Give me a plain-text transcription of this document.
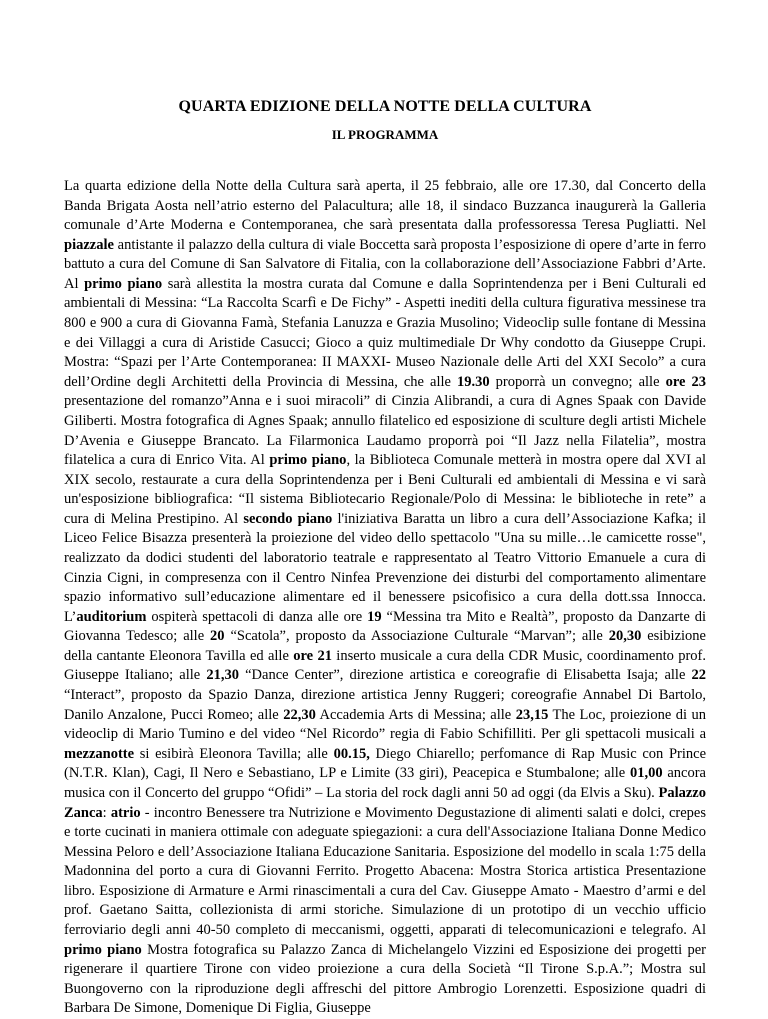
QUARTA EDIZIONE DELLA NOTTE DELLA CULTURA
IL PROGRAMMA

La quarta edizione della Notte della Cultura sarà aperta, il 25 febbraio, alle ore 17.30, dal Concerto della Banda Brigata Aosta nell’atrio esterno del Palacultura; alle 18, il sindaco Buzzanca inaugurerà la Galleria comunale d’Arte Moderna e Contemporanea, che sarà presentata dalla professoressa Teresa Pugliatti. Nel piazzale antistante il palazzo della cultura di viale Boccetta sarà proposta l’esposizione di opere d’arte in ferro battuto a cura del Comune di San Salvatore di Fitalia, con la collaborazione dell’Associazione Fabbri d’Arte. Al primo piano sarà allestita la mostra curata dal Comune e dalla Soprintendenza per i Beni Culturali ed ambientali di Messina: “La Raccolta Scarfì e De Fichy” - Aspetti inediti della cultura figurativa messinese tra 800 e 900 a cura di Giovanna Famà, Stefania Lanuzza e Grazia Musolino; Videoclip sulle fontane di Messina e dei Villaggi a cura di Aristide Casucci; Gioco a quiz multimediale Dr Why condotto da Giuseppe Crupi. Mostra: “Spazi per l’Arte Contemporanea: II MAXXI- Museo Nazionale delle Arti del XXI Secolo” a cura dell’Ordine degli Architetti della Provincia di Messina, che alle 19.30 proporrà un convegno; alle ore 23 presentazione del romanzo”Anna e i suoi miracoli” di Cinzia Alibrandi, a cura di Agnes Spaak con Davide Giliberti. Mostra fotografica di Agnes Spaak; annullo filatelico ed esposizione di sculture degli artisti Michele D’Avenia e Giuseppe Brancato. La Filarmonica Laudamo proporrà poi “Il Jazz nella Filatelia”, mostra filatelica a cura di Enrico Vita. Al primo piano, la Biblioteca Comunale metterà in mostra opere dal XVI al XIX secolo, restaurate a cura della Soprintendenza per i Beni Culturali ed ambientali di Messina e vi sarà un'esposizione bibliografica: “Il sistema Bibliotecario Regionale/Polo di Messina: le biblioteche in rete” a cura di Melina Prestipino. Al secondo piano l'iniziativa Baratta un libro a cura dell’Associazione Kafka; il Liceo Felice Bisazza presenterà la proiezione del video dello spettacolo "Una su mille…le camicette rosse", realizzato da dodici studenti del laboratorio teatrale e rappresentato al Teatro Vittorio Emanuele a cura di Cinzia Cigni, in compresenza con il Centro Ninfea Prevenzione dei disturbi del comportamento alimentare spazio informativo sull’educazione alimentare ed il benessere psicofisico a cura della dott.ssa Innocca. L’auditorium ospiterà spettacoli di danza alle ore 19 “Messina tra Mito e Realtà”, proposto da Danzarte di Giovanna Tedesco; alle 20 “Scatola”, proposto da Associazione Culturale “Marvan”; alle 20,30 esibizione della cantante Eleonora Tavilla ed alle ore 21 inserto musicale a cura della CDR Music, coordinamento prof. Giuseppe Italiano; alle 21,30 “Dance Center”, direzione artistica e coreografie di Elisabetta Isaja; alle 22 “Interact”, proposto da Spazio Danza, direzione artistica Jenny Ruggeri; coreografie Annabel Di Bartolo, Danilo Anzalone, Pucci Romeo; alle 22,30 Accademia Arts di Messina; alle 23,15 The Loc, proiezione di un videoclip di Mario Tumino e del video “Nel Ricordo” regia di Fabio Schifilliti. Per gli spettacoli musicali a mezzanotte si esibirà Eleonora Tavilla; alle 00.15, Diego Chiarello; perfomance di Rap Music con Prince (N.T.R. Klan), Cagi, Il Nero e Sebastiano, LP e Limite (33 giri), Peacepica e Stumbalone; alle 01,00 ancora musica con il Concerto del gruppo “Ofidi” – La storia del rock dagli anni 50 ad oggi (da Elvis a Sku). Palazzo Zanca: atrio - incontro Benessere tra Nutrizione e Movimento Degustazione di alimenti salati e dolci, crepes e torte cucinati in maniera ottimale con adeguate spiegazioni: a cura dell'Associazione Italiana Donne Medico Messina Peloro e dell’Associazione Italiana Educazione Sanitaria. Esposizione del modello in scala 1:75 della Madonnina del porto a cura di Giovanni Ferrito. Progetto Abacena: Mostra Storica artistica Presentazione libro. Esposizione di Armature e Armi rinascimentali a cura del Cav. Giuseppe Amato - Maestro d’armi e del prof. Gaetano Saitta, collezionista di armi storiche. Simulazione di un prototipo di un vecchio ufficio ferroviario degli anni 40-50 completo di meccanismi, oggetti, apparati di telecomunicazioni e telegrafo. Al primo piano Mostra fotografica su Palazzo Zanca di Michelangelo Vizzini ed Esposizione dei progetti per rigenerare il quartiere Tirone con video proiezione a cura della Società “Il Tirone S.p.A.”; Mostra sul Buongoverno con la riproduzione degli affreschi del pittore Ambrogio Lorenzetti. Esposizione quadri di Barbara De Simone, Domenique Di Figlia, Giuseppe
